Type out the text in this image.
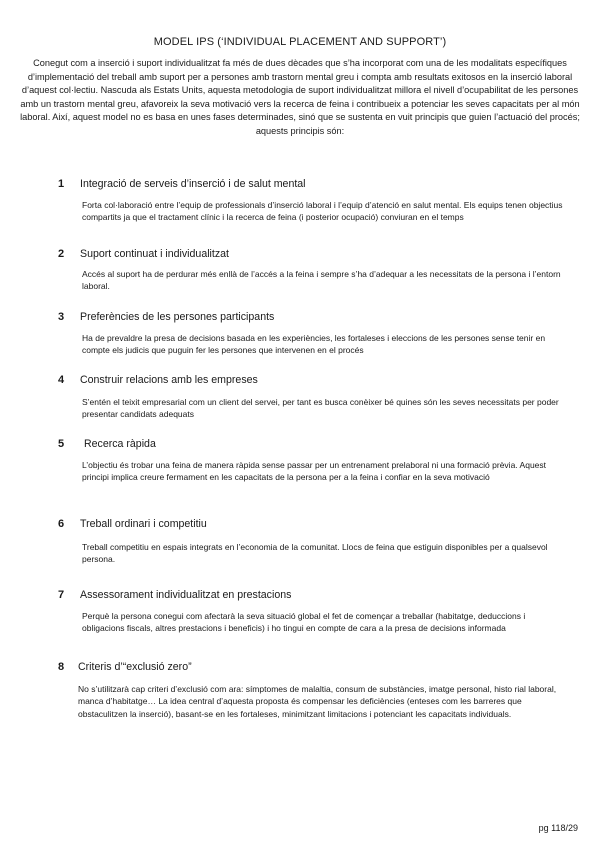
MODEL IPS (‘INDIVIDUAL PLACEMENT AND SUPPORT’)
Conegut com a inserció i suport individualitzat fa més de dues dècades que s’ha incorporat com una de les modalitats específiques d’implementació del treball amb suport per a persones amb trastorn mental greu i compta amb resultats exitosos en la inserció laboral d’aquest col·lectiu. Nascuda als Estats Units, aquesta metodologia de suport individualitzat millora el nivell d’ocupabilitat de les persones amb un trastorn mental greu, afavoreix la seva motivació vers la recerca de feina i contribueix a potenciar les seves capacitats per al món laboral. Així, aquest model no es basa en unes fases determinades, sinó que se sustenta en vuit principis que guien l’actuació del procés; aquests principis són:
1 Integració de serveis d’inserció i de salut mental
Forta col·laboració entre l’equip de professionals d’inserció laboral i l’equip d’atenció en salut mental. Els equips tenen objectius compartits ja que el tractament clínic i la recerca de feina (i posterior ocupació) conviuran en el temps
2 Suport continuat i individualitzat
Accés al suport ha de perdurar més enllà de l’accés a la feina i sempre s’ha d’adequar a les necessitats de la persona i l’entorn laboral.
3 Preferències de les persones participants
Ha de prevaldre la presa de decisions basada en les experiències, les fortaleses i eleccions de les persones sense tenir en compte els judicis que puguin fer les persones que intervenen en el procés
4 Construir relacions amb les empreses
S’entén el teixit empresarial com un client del servei, per tant es busca conèixer bé quines són les seves necessitats per poder presentar candidats adequats
5 Recerca ràpida
L’objectiu és trobar una feina de manera ràpida sense passar per un entrenament prelaboral ni una formació prèvia. Aquest principi implica creure fermament en les capacitats de la persona per a la feina i confiar en la seva motivació
6 Treball ordinari i competitiu
Treball competitiu en espais integrats en l’economia de la comunitat. Llocs de feina que estiguin disponibles per a qualsevol persona.
7 Assessorament individualitzat en prestacions
Perquè la persona conegui com afectarà la seva situació global el fet de començar a treballar (habitatge, deduccions i obligacions fiscals, altres prestacions i beneficis) i ho tingui en compte de cara a la presa de decisions informada
8 Criteris d’“exclusió zero”
No s’utilitzarà cap criteri d’exclusió com ara: símptomes de malaltia, consum de substàncies, imatge personal, histo rial laboral, manca d’habitatge… La idea central d’aquesta proposta és compensar les deficiències (enteses com les barreres que obstaculitzen la inserció), basant-se en les fortaleses, minimitzant limitacions i potenciant les capacitats individuals.
pg 118/29
